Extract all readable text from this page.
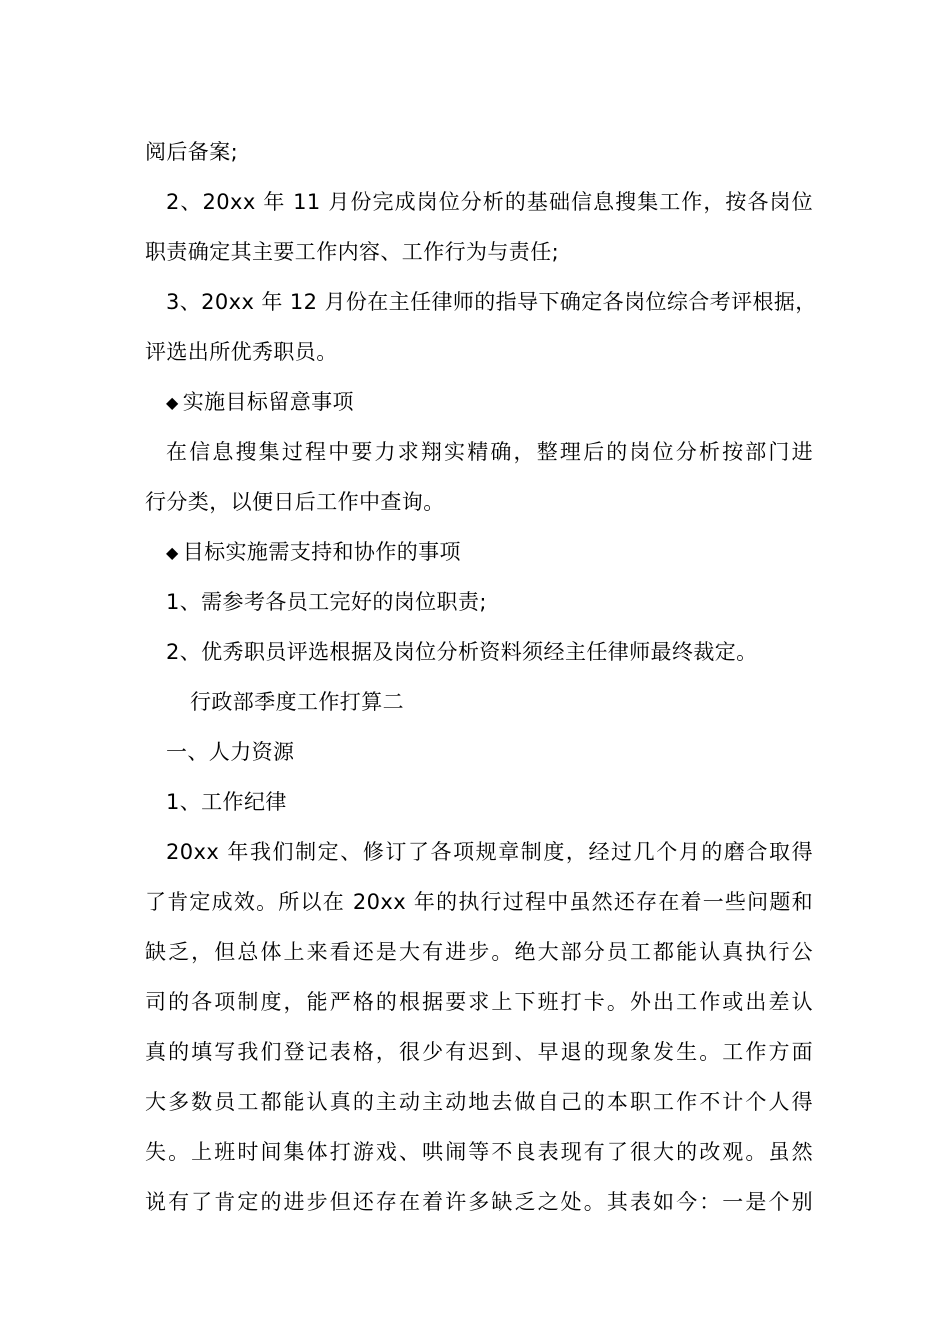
阅后备案;
2、20xx 年 11 月份完成岗位分析的基础信息搜集工作，按各岗位
职责确定其主要工作内容、工作行为与责任;
3、20xx 年 12 月份在主任律师的指导下确定各岗位综合考评根据，
评选出所优秀职员。
◆ 实施目标留意事项
在信息搜集过程中要力求翔实精确，整理后的岗位分析按部门进
行分类，以便日后工作中查询。
◆ 目标实施需支持和协作的事项
1、需参考各员工完好的岗位职责;
2、优秀职员评选根据及岗位分析资料须经主任律师最终裁定。
行政部季度工作打算二
一、人力资源
1、工作纪律
20xx 年我们制定、修订了各项规章制度，经过几个月的磨合取得
了肯定成效。所以在 20xx 年的执行过程中虽然还存在着一些问题和
缺乏，但总体上来看还是大有进步。绝大部分员工都能认真执行公
司的各项制度，能严格的根据要求上下班打卡。外出工作或出差认
真的填写我们登记表格，很少有迟到、早退的现象发生。工作方面
大多数员工都能认真的主动主动地去做自己的本职工作不计个人得
失。上班时间集体打游戏、哄闹等不良表现有了很大的改观。虽然
说有了肯定的进步但还存在着许多缺乏之处。其表如今：一是个别
